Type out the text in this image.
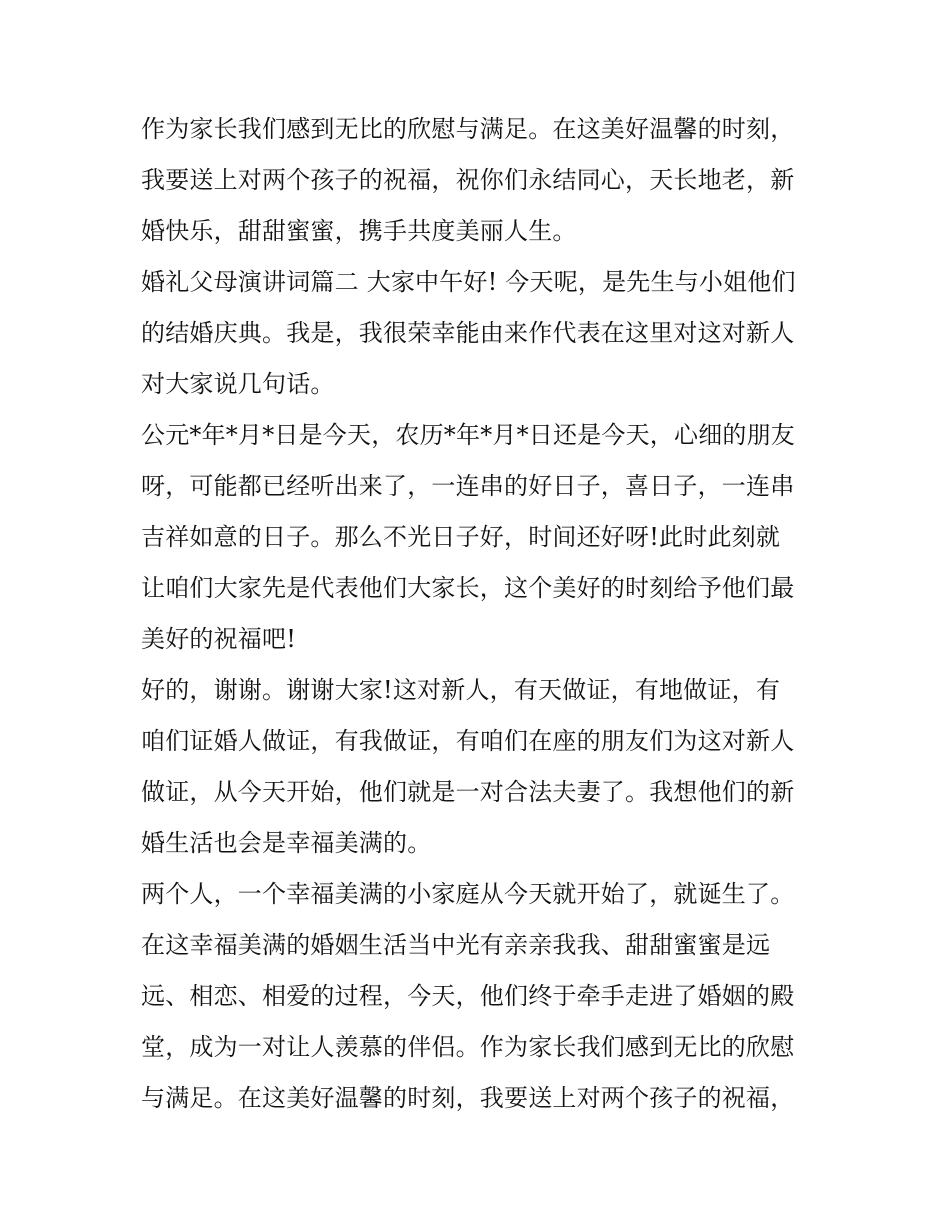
作为家长我们感到无比的欣慰与满足。在这美好温馨的时刻，
我要送上对两个孩子的祝福，祝你们永结同心，天长地老，新
婚快乐，甜甜蜜蜜，携手共度美丽人生。
婚礼父母演讲词篇二 大家中午好! 今天呢，是先生与小姐他们
的结婚庆典。我是，我很荣幸能由来作代表在这里对这对新人
对大家说几句话。
公元*年*月*日是今天，农历*年*月*日还是今天，心细的朋友
呀，可能都已经听出来了，一连串的好日子，喜日子，一连串
吉祥如意的日子。那么不光日子好，时间还好呀!此时此刻就
让咱们大家先是代表他们大家长，这个美好的时刻给予他们最
美好的祝福吧!
好的，谢谢。谢谢大家!这对新人，有天做证，有地做证，有
咱们证婚人做证，有我做证，有咱们在座的朋友们为这对新人
做证，从今天开始，他们就是一对合法夫妻了。我想他们的新
婚生活也会是幸福美满的。
两个人，一个幸福美满的小家庭从今天就开始了，就诞生了。
在这幸福美满的婚姻生活当中光有亲亲我我、甜甜蜜蜜是远
远、相恋、相爱的过程，今天，他们终于牵手走进了婚姻的殿
堂，成为一对让人羡慕的伴侣。作为家长我们感到无比的欣慰
与满足。在这美好温馨的时刻，我要送上对两个孩子的祝福，
